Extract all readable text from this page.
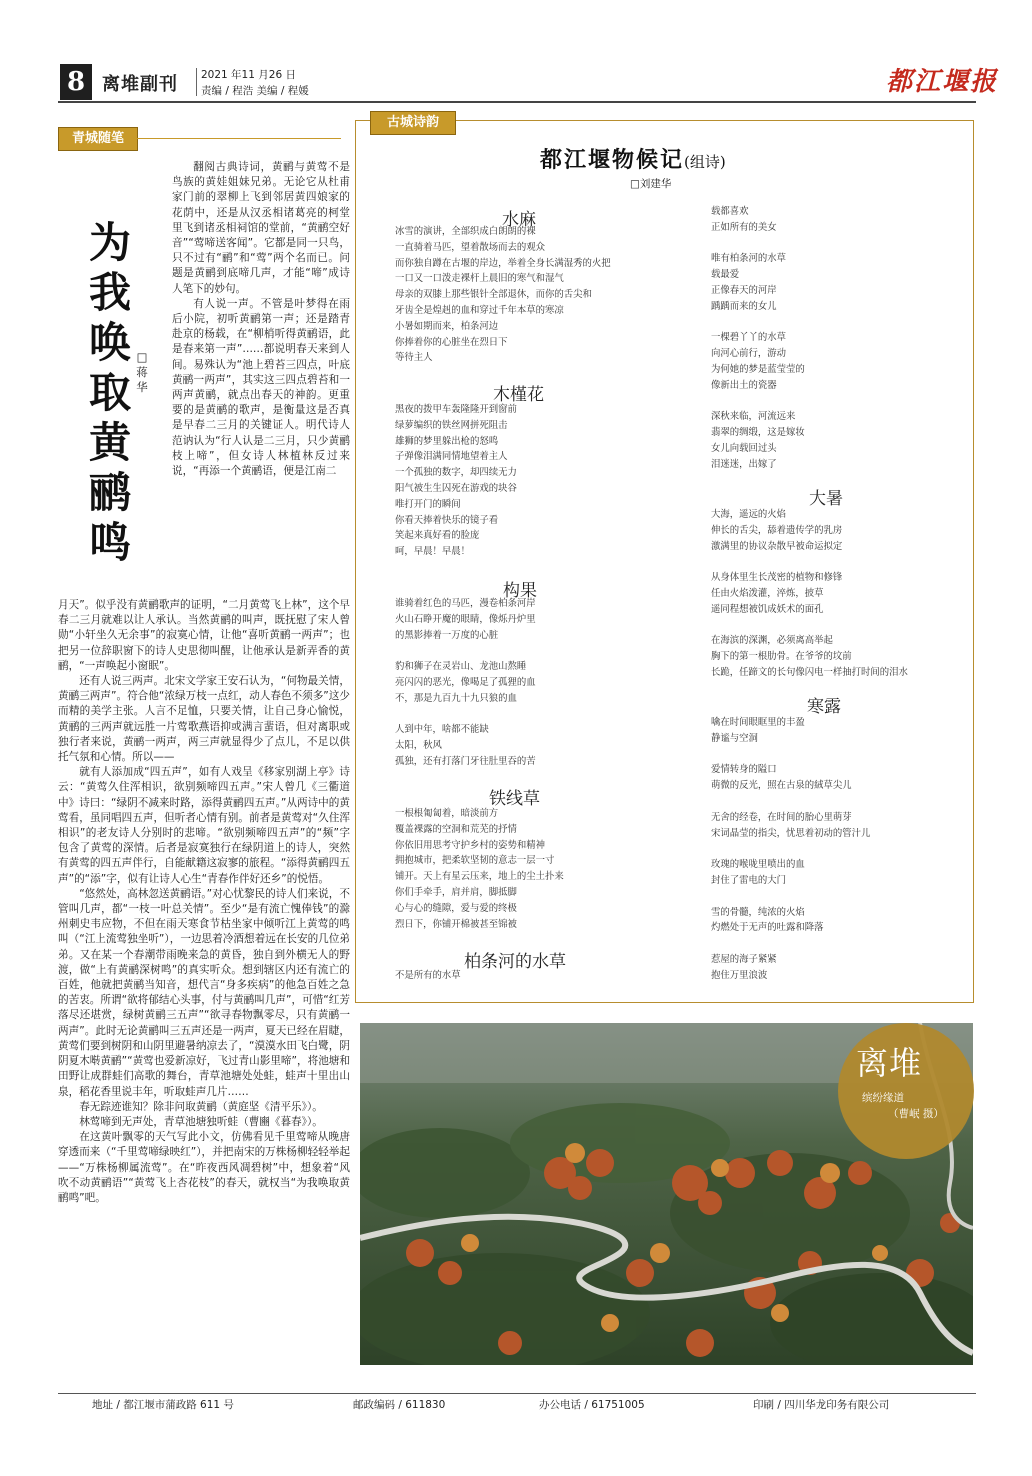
8 离堆副刊 2021 年11 月26 日
责编 / 程浩 美编 / 程媛	都江堰报
青城随笔
为我唤取黄鹂鸣
□蒋华

翻阅古典诗词，黄鹂与黄莺不是鸟族的黄娃姐妹兄弟。无论它从杜甫家门前的翠柳上飞到邻居黄四娘家的花荫中，还是从汉丞相诸葛亮的柯堂里飞到诸丞相祠馆的堂前，“黄鹂空好音”“莺啼送客闻”。它都是同一只鸟，只不过有“鹂”和“莺”两个名而已。问题是黄鹂到底啼几声，才能“啼”成诗人笔下的妙句。

有人说一声。不管是叶梦得在雨后小院，初听黄鹂第一声；还是踏青赴京的杨载，在“柳梢听得黄鹂语，此是春来第一声”……都说明春天来到人间。易殊认为“池上碧苔三四点，叶底黄鹂一两声”，其实这三四点碧苔和一两声黄鹂，就点出春天的神韵。更重要的是黄鹂的歌声，是衡量这是否真是早春二三月的关键证人。明代诗人范讷认为“行人认是二三月，只少黄鹂枝上啼”，但女诗人林植林反过来说，“再添一个黄鹂语，便是江南二

月天”。似乎没有黄鹂歌声的证明，“二月黄莺飞上林”，这个早春二三月就难以让人承认。当然黄鹂的叫声，既抚慰了宋人曾勋“小轩坐久无余事”的寂寞心情，让他“喜听黄鹂一两声”；也把另一位辞职窗下的诗人史思彻叫醒，让他承认是新弄香的黄鹂，“一声唤起小窗眠”。

还有人说三两声。北宋文学家王安石认为，“何物最关情，黄鹂三两声”。符合他“浓绿万枝一点红，动人春色不须多”这少而精的美学主张。人言不足恤，只要关情，让自己身心愉悦，黄鹂的三两声就远胜一片莺歌燕语抑或满言蜚语，但对离职或独行者来说，黄鹂一两声，两三声就显得少了点儿，不足以供托气氛和心情。所以——

就有人添加成“四五声”，如有人戏呈《移家别湖上亭》诗云：“黄莺久住浑相识，欲别频啼四五声。”宋人曾几《三衢道中》诗曰：“绿阴不减来时路，添得黄鹂四五声。”从两诗中的黄莺看，虽同唱四五声，但听者心情有别。前者是黄莺对“久住浑相识”的老友诗人分别时的悲啼。“欲别频啼四五声”的“频”字包含了黄莺的深情。后者是寂寞独行在绿阴道上的诗人，突然有黄莺的四五声伴行，自能献籍这寂寥的旅程。“添得黄鹂四五声”的“添”字，似有让诗人心生“青春作伴好还乡”的悦悟。

“悠然处，高林忽送黄鹂语。”对心忧黎民的诗人们来说，不管叫几声，都“一枝一叶总关情”。至少“是有流亡愧俸钱”的滁州刺史韦应物，不但在雨天寒食节枯坐家中倾听江上黄莺的鸣叫（“江上流莺独坐听”），一边思着冷酒想着远在长安的几位弟弟。又在某一个春潮带雨晚来急的黄昏，独自到外横无人的野渡，做“上有黄鹂深树鸣”的真实听众。想到辖区内还有流亡的百姓，他就把黄鹂当知音，想代言“身多疾病”的他急百姓之急的苦衷。所谓“欲将郁结心头事，付与黄鹂叫几声”，可惜“红芳落尽还堪赏，绿树黄鹂三五声”“欲寻春物飘零尽，只有黄鹂一两声”。此时无论黄鹂叫三五声还是一两声，夏天已经在眉睫，黄莺们要到树阴和山阴里避暑纳凉去了，“漠漠水田飞白鹭，阴阴夏木啭黄鹂”“黄莺也爱新凉好，飞过青山影里啼”，将池塘和田野让成群蛙们高歌的舞台，青草池塘处处蛙，蛙声十里出山泉，稻花香里说丰年，听取蛙声几片……

春无踪迹谁知？除非问取黄鹂（黄庭坚《清平乐》）。

林莺啼到无声处，青草池塘独听蛙（曹豳《暮春》）。

在这黄叶飘零的天气写此小文，仿佛看见千里莺啼从晚唐穿透而来（“千里莺啼绿映红”），并把南宋的万株杨柳轻轻举起——“万株杨柳属流莺”。在“昨夜西风凋碧树”中，想象着“风吹不动黄鹂语”“黄莺飞上杏花枝”的春天，就权当“为我唤取黄鹂鸣”吧。

古城诗韵
都江堰物候记(组诗)
□刘建华
水麻
冰雪的演讲，全部织成白朗朗的裸
一直骑着马匹，望着散场而去的观众
而你独自蹲在古堰的岸边，举着全身长满湿秀的火把
一口又一口泼走裸杆上晨旧的寒气和湿气
母亲的双膝上那些银针全部退休，而你的舌尖和
牙齿全是煌赳的血和穿过千年本草的寒凉
小暑如期而来，柏条河边
你捧着你的心脏坐在烈日下
等待主人
木槿花
黑夜的拨甲车轰隆隆开到窗前
绿萝编织的铁丝网拼死阻击
雄狮的梦里躲出枪的怒鸣
子弹像泪满同情地望着主人
一个孤独的数字，却四续无力
阳气被生生囚死在游戏的块谷
唯打开门的瞬间
你看天捧着快乐的镜子看
笑起来真好看的脸庞
呵，早晨！早晨！
构果
谁骑着红色的马匹，漫卷柏条河岸
火山石睁开魔的眼睛，像烁丹炉里
的黑影捧着一万度的心脏
豹和狮子在灵岩山、龙池山熬睡
亮闪闪的恶光，像喝足了孤狸的血
不，那是九百九十九只狼的血
人到中年，啥都不能缺
太阳，秋风
孤独，还有打落门牙往肚里吞的苦
铁线草
一根根匍匐着，暗淡前方
覆盖裸露的空洞和荒芜的抒情
你依旧用思考守护乡村的姿势和精神
拥抱城市，把柔软坚韧的意志一层一寸
铺开。天上有星云压来，地上的尘土扑来
你们手牵手，肩并肩，脚抵脚
心与心的缝隙，爱与爱的终极
烈日下，你铺开棉被甚至锦被
柏条河的水草
不是所有的水草
载都喜欢
正如所有的美女
唯有柏条河的水草
载最爱
正像春天的河岸
踽踽而来的女儿
一棵碧丫丫的水草
向河心前行，游动
为何她的梦是蓝莹莹的
像新出土的瓷器
深秋来临，河流远来
翡翠的绸缎，这是嫁妆
女儿向载回过头
泪迷迷，出嫁了
大暑
大海，遥远的火焰
伸长的舌尖，舔着遗传学的乳房
激满里的协议杂散早被命运拟定
从身体里生长茂密的植物和修锋
任由火焰泼灌，淬炼，披草
遥同程想被饥成妖术的面孔
在海滨的深渊，必须离高举起
胸下的第一根肋骨。在爷爷的坟前
长跪，任蹄文的长句像闪电一样抽打时间的泪水
寒露
噙在时间眼眶里的丰盈
静谧与空洞
爱情转身的隘口
萌微的反光，照在古泉的絨草尖儿
无舍的经卷，在时间的胎心里萌芽
宋词晶莹的指尖，忧思着初动的管汁儿
玫瑰的喉咙里喷出的血
封住了雷电的大门
雪的骨髓，纯浓的火焰
灼燃处于无声的吐露和降落
惹屋的海子紧紧
抱住万里浪波
离堆
缤纷缘道
（曹岷 摄）
地址 / 都江堰市蒲政路 611 号	邮政编码 / 611830	办公电话 / 61751005	印刷 / 四川华龙印务有限公司
